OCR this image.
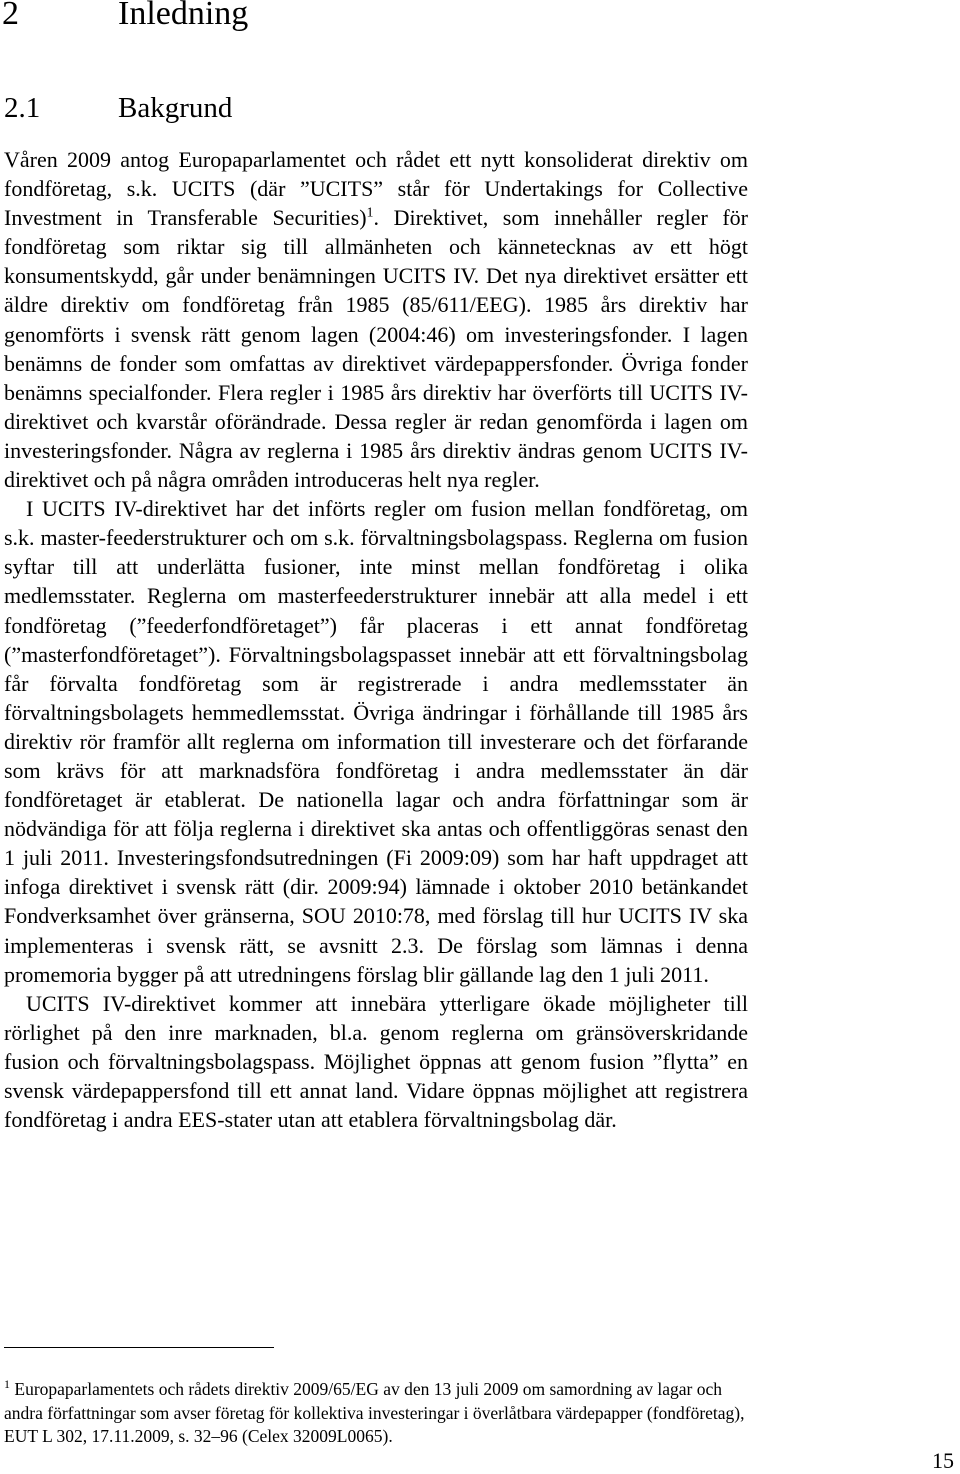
2	Inledning
2.1	Bakgrund

Våren 2009 antog Europaparlamentet och rådet ett nytt konsoliderat direktiv om fondföretag, s.k. UCITS (där ”UCITS” står för Undertakings for Collective Investment in Transferable Securities)$^1$. Direktivet, som innehåller regler för fondföretag som riktar sig till allmänheten och kännetecknas av ett högt konsumentskydd, går under benämningen UCITS IV. Det nya direktivet ersätter ett äldre direktiv om fondföretag från 1985 (85/611/EEG). 1985 års direktiv har genomförts i svensk rätt genom lagen (2004:46) om investeringsfonder. I lagen benämns de fonder som omfattas av direktivet värdepappersfonder. Övriga fonder benämns specialfonder. Flera regler i 1985 års direktiv har överförts till UCITS IV-direktivet och kvarstår oförändrade. Dessa regler är redan genomförda i lagen om investeringsfonder. Några av reglerna i 1985 års direktiv ändras genom UCITS IV-direktivet och på några områden introduceras helt nya regler.

I UCITS IV-direktivet har det införts regler om fusion mellan fondföretag, om s.k. master-feederstrukturer och om s.k. förvaltningsbolagspass. Reglerna om fusion syftar till att underlätta fusioner, inte minst mellan fondföretag i olika medlemsstater. Reglerna om masterfeederstrukturer innebär att alla medel i ett fondföretag (”feederfondföretaget”) får placeras i ett annat fondföretag (”masterfondföretaget”). Förvaltningsbolagspasset innebär att ett förvaltningsbolag får förvalta fondföretag som är registrerade i andra medlemsstater än förvaltningsbolagets hemmedlemsstat. Övriga ändringar i förhållande till 1985 års direktiv rör framför allt reglerna om information till investerare och det förfarande som krävs för att marknadsföra fondföretag i andra medlemsstater än där fondföretaget är etablerat. De nationella lagar och andra författningar som är nödvändiga för att följa reglerna i direktivet ska antas och offentliggöras senast den 1 juli 2011. Investeringsfondsutredningen (Fi 2009:09) som har haft uppdraget att infoga direktivet i svensk rätt (dir. 2009:94) lämnade i oktober 2010 betänkandet Fondverksamhet över gränserna, SOU 2010:78, med förslag till hur UCITS IV ska implementeras i svensk rätt, se avsnitt 2.3. De förslag som lämnas i denna promemoria bygger på att utredningens förslag blir gällande lag den 1 juli 2011.

UCITS IV-direktivet kommer att innebära ytterligare ökade möjligheter till rörlighet på den inre marknaden, bl.a. genom reglerna om gränsöverskridande fusion och förvaltningsbolagspass. Möjlighet öppnas att genom fusion ”flytta” en svensk värdepappersfond till ett annat land. Vidare öppnas möjlighet att registrera fondföretag i andra EES-stater utan att etablera förvaltningsbolag där.

$^1$ Europaparlamentets och rådets direktiv 2009/65/EG av den 13 juli 2009 om samordning av lagar och andra författningar som avser företag för kollektiva investeringar i överlåtbara värdepapper (fondföretag), EUT L 302, 17.11.2009, s. 32–96 (Celex 32009L0065).

15
